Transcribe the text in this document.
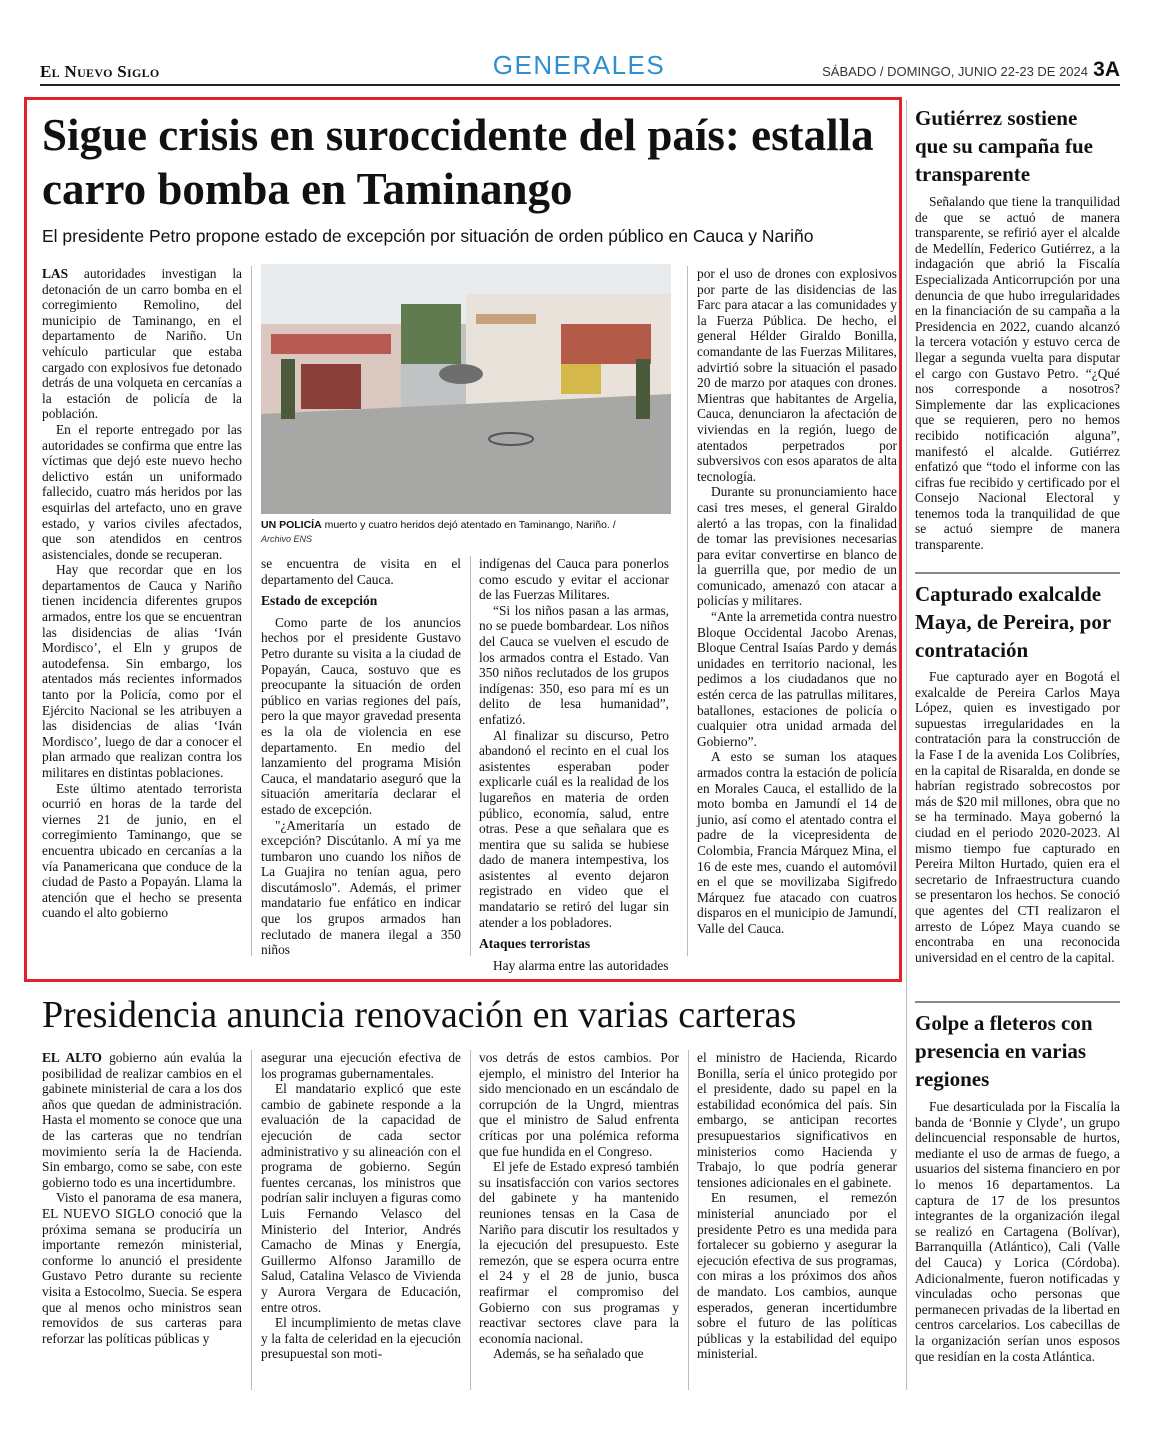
El Nuevo Siglo	GENERALES	SÁBADO / DOMINGO, JUNIO 22-23 DE 2024 3A
Sigue crisis en suroccidente del país: estalla carro bomba en Taminango
El presidente Petro propone estado de excepción por situación de orden público en Cauca y Nariño

LAS autoridades investigan la detonación de un carro bomba en el corregimiento Remolino, del municipio de Taminango, en el departamento de Nariño. Un vehículo particular que estaba cargado con explosivos fue detonado detrás de una volqueta en cercanías a la estación de policía de la población.

En el reporte entregado por las autoridades se confirma que entre las víctimas que dejó este nuevo hecho delictivo están un uniformado fallecido, cuatro más heridos por las esquirlas del artefacto, uno en grave estado, y varios civiles afectados, que son atendidos en centros asistenciales, donde se recuperan.

Hay que recordar que en los departamentos de Cauca y Nariño tienen incidencia diferentes grupos armados, entre los que se encuentran las disidencias de alias ‘Iván Mordisco’, el Eln y grupos de autodefensa. Sin embargo, los atentados más recientes informados tanto por la Policía, como por el Ejército Nacional se les atribuyen a las disidencias de alias ‘Iván Mordisco’, luego de dar a conocer el plan armado que realizan contra los militares en distintas poblaciones.

Este último atentado terrorista ocurrió en horas de la tarde del viernes 21 de junio, en el corregimiento Taminango, que se encuentra ubicado en cercanías a la vía Panamericana que conduce de la ciudad de Pasto a Popayán. Llama la atención que el hecho se presenta cuando el alto gobierno

UN POLICÍA muerto y cuatro heridos dejó atentado en Taminango, Nariño. /
Archivo ENS

se encuentra de visita en el departamento del Cauca.

Estado de excepción

Como parte de los anuncios hechos por el presidente Gustavo Petro durante su visita a la ciudad de Popayán, Cauca, sostuvo que es preocupante la situación de orden público en varias regiones del país, pero la que mayor gravedad presenta es la ola de violencia en ese departamento. En medio del lanzamiento del programa Misión Cauca, el mandatario aseguró que la situación ameritaría declarar el estado de excepción.

"¿Ameritaría un estado de excepción? Discútanlo. A mí ya me tumbaron uno cuando los niños de La Guajira no tenían agua, pero discutámoslo". Además, el primer mandatario fue enfático en indicar que los grupos armados han reclutado de manera ilegal a 350 niños

indígenas del Cauca para ponerlos como escudo y evitar el accionar de las Fuerzas Militares.

“Si los niños pasan a las armas, no se puede bombardear. Los niños del Cauca se vuelven el escudo de los armados contra el Estado. Van 350 niños reclutados de los grupos indígenas: 350, eso para mí es un delito de lesa humanidad”, enfatizó.

Al finalizar su discurso, Petro abandonó el recinto en el cual los asistentes esperaban poder explicarle cuál es la realidad de los lugareños en materia de orden público, economía, salud, entre otras. Pese a que señalara que es mentira que su salida se hubiese dado de manera intempestiva, los asistentes al evento dejaron registrado en video que el mandatario se retiró del lugar sin atender a los pobladores.

Ataques terroristas

Hay alarma entre las autoridades

por el uso de drones con explosivos por parte de las disidencias de las Farc para atacar a las comunidades y la Fuerza Pública. De hecho, el general Hélder Giraldo Bonilla, comandante de las Fuerzas Militares, advirtió sobre la situación el pasado 20 de marzo por ataques con drones. Mientras que habitantes de Argelia, Cauca, denunciaron la afectación de viviendas en la región, luego de atentados perpetrados por subversivos con esos aparatos de alta tecnología.

Durante su pronunciamiento hace casi tres meses, el general Giraldo alertó a las tropas, con la finalidad de tomar las previsiones necesarias para evitar convertirse en blanco de la guerrilla que, por medio de un comunicado, amenazó con atacar a policías y militares.

“Ante la arremetida contra nuestro Bloque Occidental Jacobo Arenas, Bloque Central Isaías Pardo y demás unidades en territorio nacional, les pedimos a los ciudadanos que no estén cerca de las patrullas militares, batallones, estaciones de policía o cualquier otra unidad armada del Gobierno”.

A esto se suman los ataques armados contra la estación de policía en Morales Cauca, el estallido de la moto bomba en Jamundí el 14 de junio, así como el atentado contra el padre de la vicepresidenta de Colombia, Francia Márquez Mina, el 16 de este mes, cuando el automóvil en el que se movilizaba Sigifredo Márquez fue atacado con cuatros disparos en el municipio de Jamundí, Valle del Cauca.

Presidencia anuncia renovación en varias carteras

EL ALTO gobierno aún evalúa la posibilidad de realizar cambios en el gabinete ministerial de cara a los dos años que quedan de administración. Hasta el momento se conoce que una de las carteras que no tendrían movimiento sería la de Hacienda. Sin embargo, como se sabe, con este gobierno todo es una incertidumbre.

Visto el panorama de esa manera, EL NUEVO SIGLO conoció que la próxima semana se produciría un importante remezón ministerial, conforme lo anunció el presidente Gustavo Petro durante su reciente visita a Estocolmo, Suecia. Se espera que al menos ocho ministros sean removidos de sus carteras para reforzar las políticas públicas y

asegurar una ejecución efectiva de los programas gubernamentales.

El mandatario explicó que este cambio de gabinete responde a la evaluación de la capacidad de ejecución de cada sector administrativo y su alineación con el programa de gobierno. Según fuentes cercanas, los ministros que podrían salir incluyen a figuras como Luis Fernando Velasco del Ministerio del Interior, Andrés Camacho de Minas y Energía, Guillermo Alfonso Jaramillo de Salud, Catalina Velasco de Vivienda y Aurora Vergara de Educación, entre otros.

El incumplimiento de metas clave y la falta de celeridad en la ejecución presupuestal son moti-

vos detrás de estos cambios. Por ejemplo, el ministro del Interior ha sido mencionado en un escándalo de corrupción de la Ungrd, mientras que el ministro de Salud enfrenta críticas por una polémica reforma que fue hundida en el Congreso.

El jefe de Estado expresó también su insatisfacción con varios sectores del gabinete y ha mantenido reuniones tensas en la Casa de Nariño para discutir los resultados y la ejecución del presupuesto. Este remezón, que se espera ocurra entre el 24 y el 28 de junio, busca reafirmar el compromiso del Gobierno con sus programas y reactivar sectores clave para la economía nacional.

Además, se ha señalado que

el ministro de Hacienda, Ricardo Bonilla, sería el único protegido por el presidente, dado su papel en la estabilidad económica del país. Sin embargo, se anticipan recortes presupuestarios significativos en ministerios como Hacienda y Trabajo, lo que podría generar tensiones adicionales en el gabinete.

En resumen, el remezón ministerial anunciado por el presidente Petro es una medida para fortalecer su gobierno y asegurar la ejecución efectiva de sus programas, con miras a los próximos dos años de mandato. Los cambios, aunque esperados, generan incertidumbre sobre el futuro de las políticas públicas y la estabilidad del equipo ministerial.

Gutiérrez sostiene que su campaña fue transparente

Señalando que tiene la tranquilidad de que se actuó de manera transparente, se refirió ayer el alcalde de Medellín, Federico Gutiérrez, a la indagación que abrió la Fiscalía Especializada Anticorrupción por una denuncia de que hubo irregularidades en la financiación de su campaña a la Presidencia en 2022, cuando alcanzó la tercera votación y estuvo cerca de llegar a segunda vuelta para disputar el cargo con Gustavo Petro. “¿Qué nos corresponde a nosotros? Simplemente dar las explicaciones que se requieren, pero no hemos recibido notificación alguna”, manifestó el alcalde. Gutiérrez enfatizó que “todo el informe con las cifras fue recibido y certificado por el Consejo Nacional Electoral y tenemos toda la tranquilidad de que se actuó siempre de manera transparente.

Capturado exalcalde Maya, de Pereira, por contratación

Fue capturado ayer en Bogotá el exalcalde de Pereira Carlos Maya López, quien es investigado por supuestas irregularidades en la contratación para la construcción de la Fase I de la avenida Los Colibríes, en la capital de Risaralda, en donde se habrían registrado sobrecostos por más de $20 mil millones, obra que no se ha terminado. Maya gobernó la ciudad en el periodo 2020-2023. Al mismo tiempo fue capturado en Pereira Milton Hurtado, quien era el secretario de Infraestructura cuando se presentaron los hechos. Se conoció que agentes del CTI realizaron el arresto de López Maya cuando se encontraba en una reconocida universidad en el centro de la capital.

Golpe a fleteros con presencia en varias regiones

Fue desarticulada por la Fiscalía la banda de ‘Bonnie y Clyde’, un grupo delincuencial responsable de hurtos, mediante el uso de armas de fuego, a usuarios del sistema financiero en por lo menos 16 departamentos. La captura de 17 de los presuntos integrantes de la organización ilegal se realizó en Cartagena (Bolívar), Barranquilla (Atlántico), Cali (Valle del Cauca) y Lorica (Córdoba). Adicionalmente, fueron notificadas y vinculadas ocho personas que permanecen privadas de la libertad en centros carcelarios. Los cabecillas de la organización serían unos esposos que residían en la costa Atlántica.
